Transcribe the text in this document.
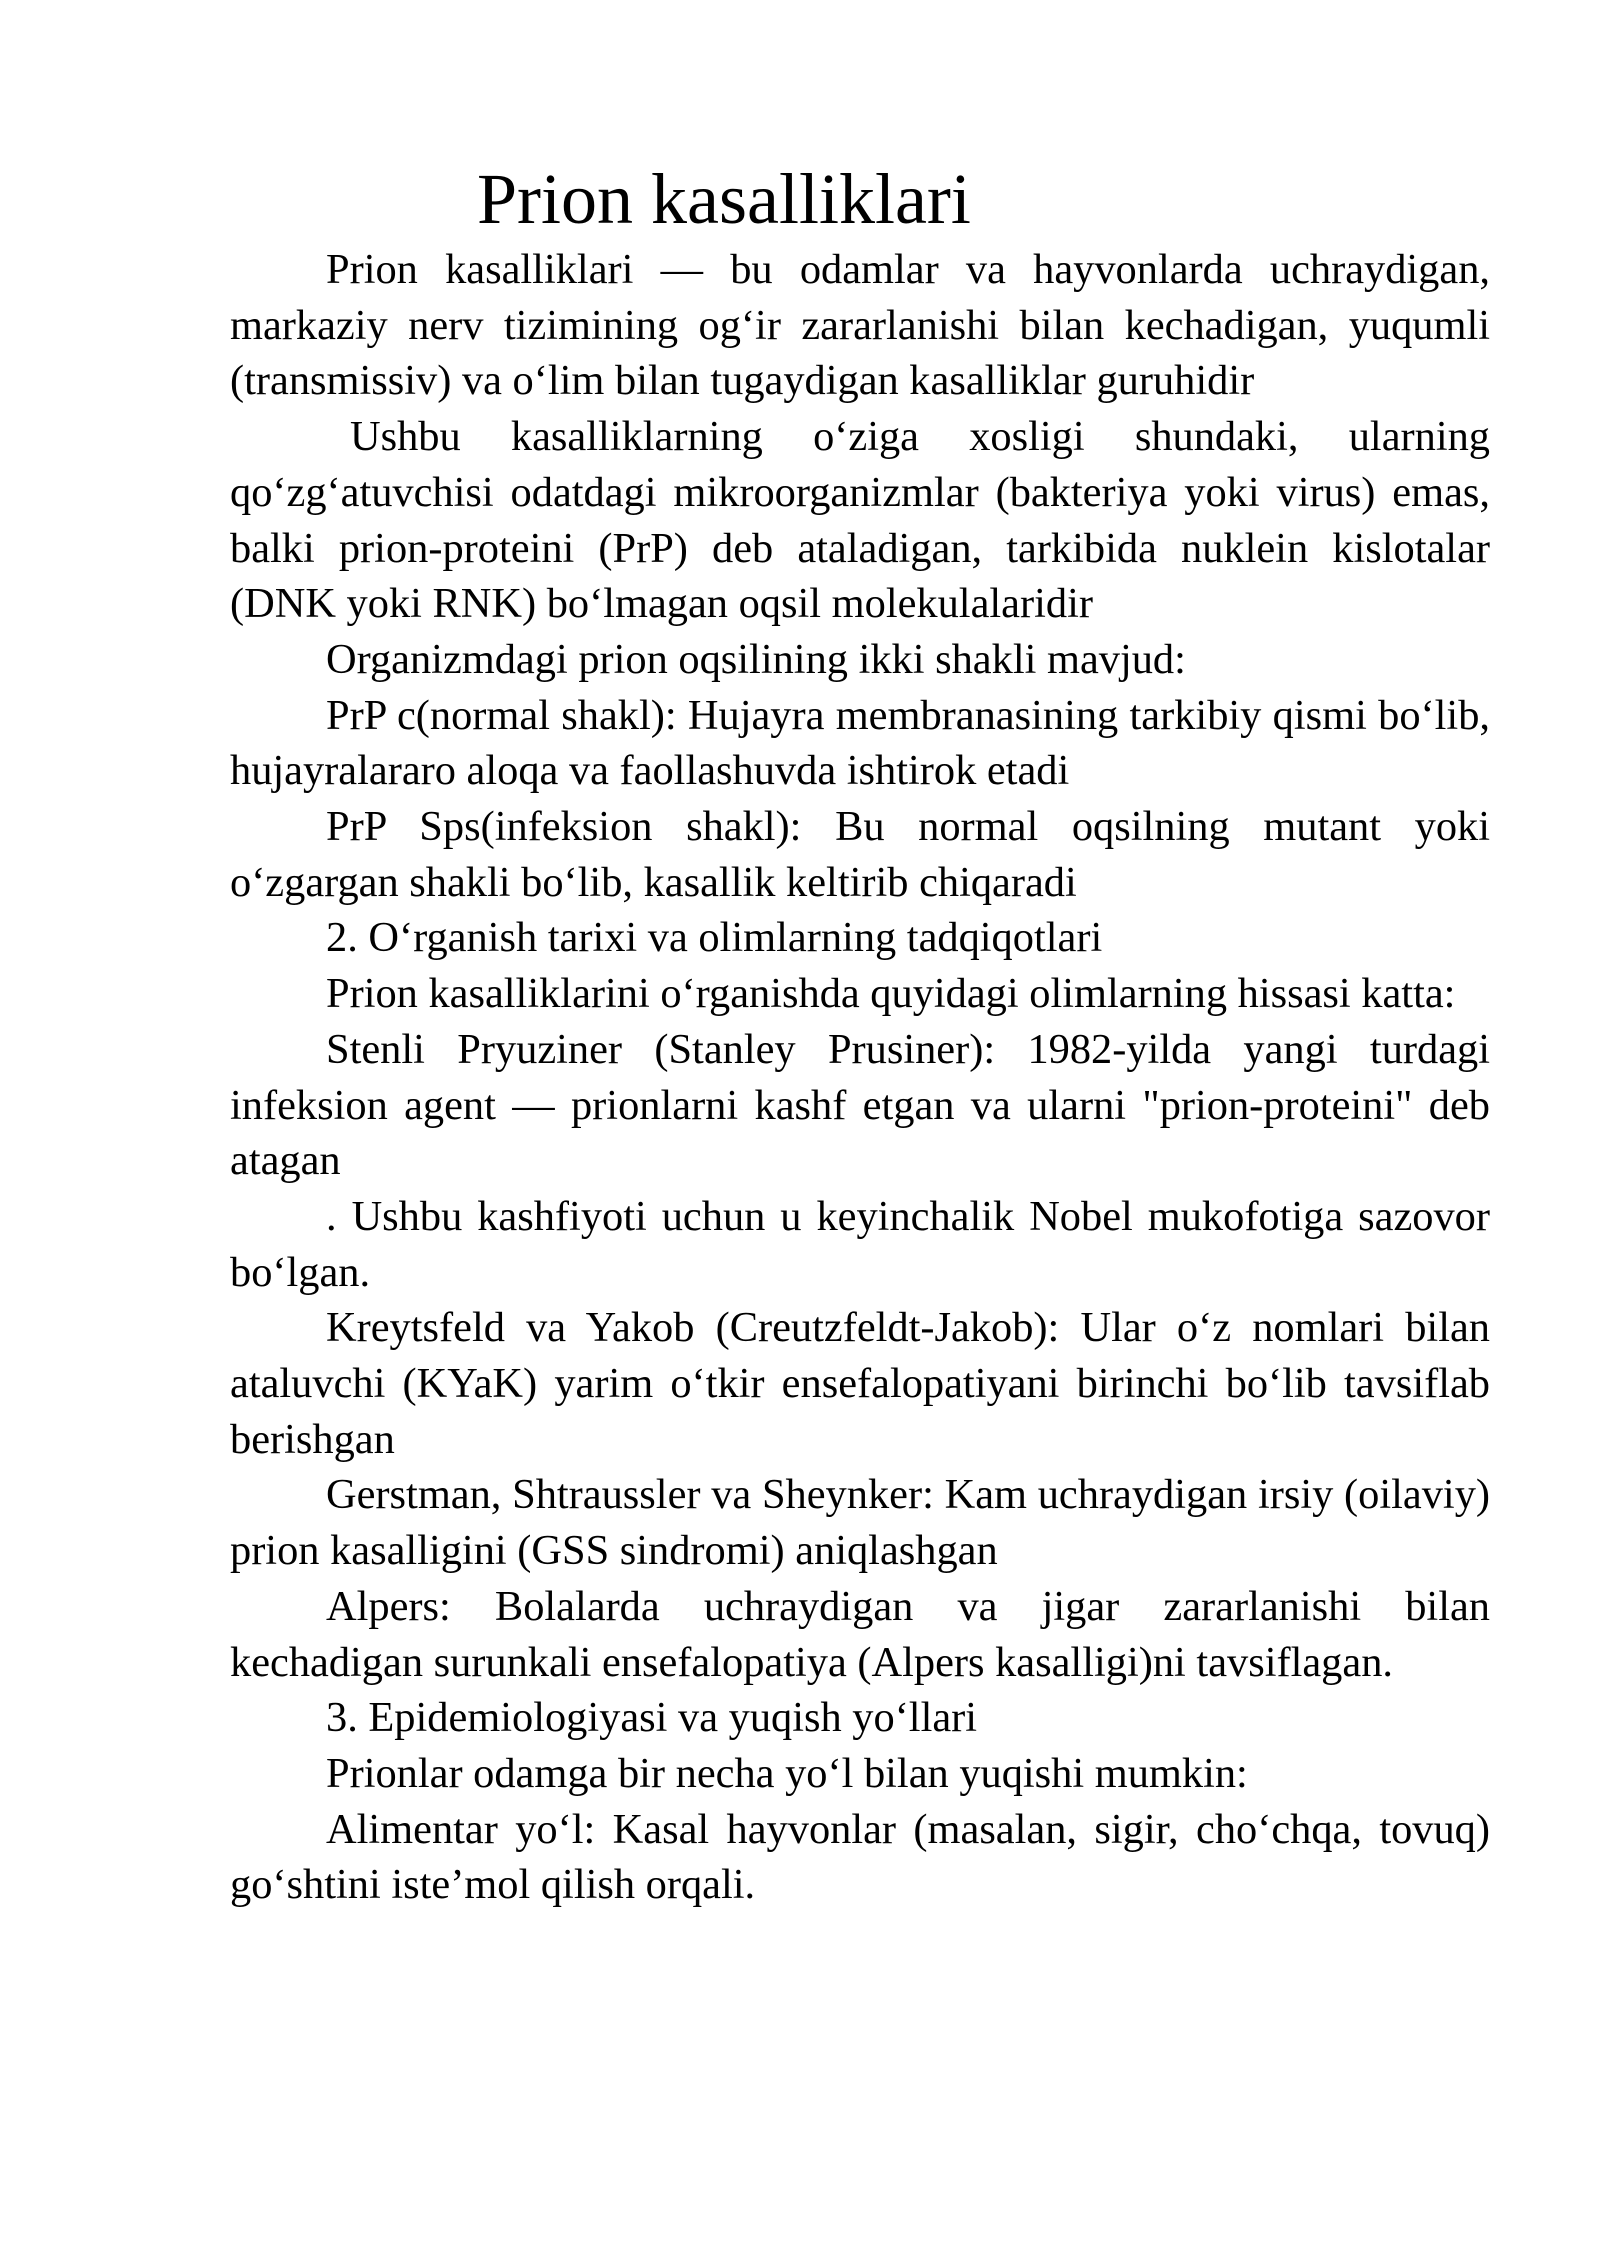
Prion kasalliklari

Prion kasalliklari — bu odamlar va hayvonlarda uchraydigan, markaziy nerv tizimining og‘ir zararlanishi bilan kechadigan, yuqumli (transmissiv) va o‘lim bilan tugaydigan kasalliklar guruhidir

Ushbu kasalliklarning o‘ziga xosligi shundaki, ularning qo‘zg‘atuvchisi odatdagi mikroorganizmlar (bakteriya yoki virus) emas, balki prion-proteini (PrP) deb ataladigan, tarkibida nuklein kislotalar (DNK yoki RNK) bo‘lmagan oqsil molekulalaridir

Organizmdagi prion oqsilining ikki shakli mavjud:

PrP c(normal shakl): Hujayra membranasining tarkibiy qismi bo‘lib, hujayralararo aloqa va faollashuvda ishtirok etadi

PrP Sps(infeksion shakl): Bu normal oqsilning mutant yoki o‘zgargan shakli bo‘lib, kasallik keltirib chiqaradi

2. O‘rganish tarixi va olimlarning tadqiqotlari

Prion kasalliklarini o‘rganishda quyidagi olimlarning hissasi katta:

Stenli Pryuziner (Stanley Prusiner): 1982-yilda yangi turdagi infeksion agent — prionlarni kashf etgan va ularni "prion-proteini" deb atagan

. Ushbu kashfiyoti uchun u keyinchalik Nobel mukofotiga sazovor bo‘lgan.

Kreytsfeld va Yakob (Creutzfeldt-Jakob): Ular o‘z nomlari bilan ataluvchi (KYaK) yarim o‘tkir ensefalopatiyani birinchi bo‘lib tavsiflab berishgan

Gerstman, Shtraussler va Sheynker: Kam uchraydigan irsiy (oilaviy) prion kasalligini (GSS sindromi) aniqlashgan

Alpers: Bolalarda uchraydigan va jigar zararlanishi bilan kechadigan surunkali ensefalopatiya (Alpers kasalligi)ni tavsiflagan.

3. Epidemiologiyasi va yuqish yo‘llari

Prionlar odamga bir necha yo‘l bilan yuqishi mumkin:

Alimentar yo‘l: Kasal hayvonlar (masalan, sigir, cho‘chqa, tovuq) go‘shtini iste’mol qilish orqali.
